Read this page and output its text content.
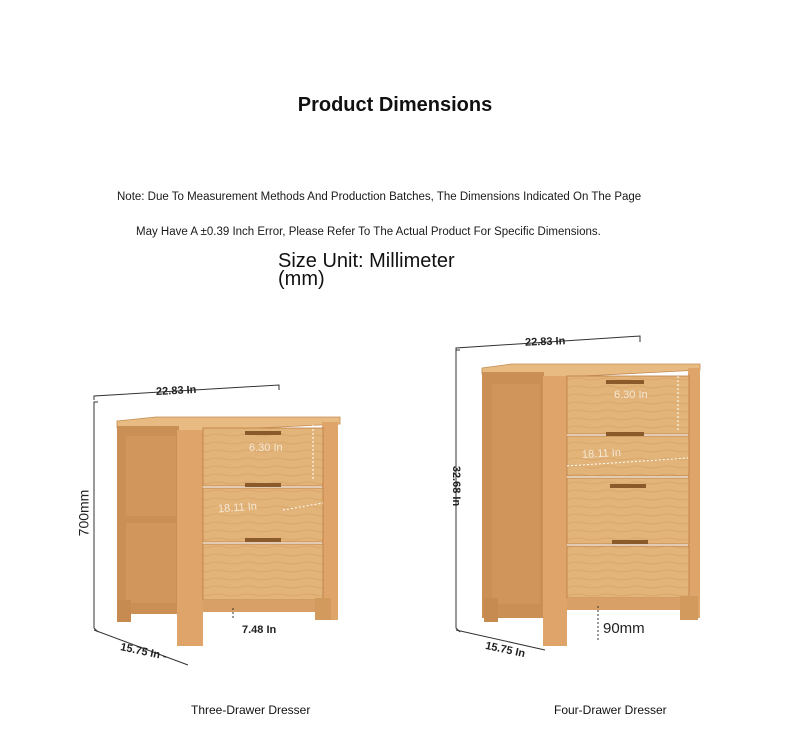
Product Dimensions
Note: Due To Measurement Methods And Production Batches, The Dimensions Indicated On The Page
May Have A ±0.39 Inch Error, Please Refer To The Actual Product For Specific Dimensions.
Size Unit: Millimeter
(mm)
22.83 In
700mm
15.75 In -
6.30 In
18.11 In
7.48 In
Three-Drawer Dresser
22.83 In
32.68 In
15.75 In
6.30 In
18.11 In
90mm
Four-Drawer Dresser
